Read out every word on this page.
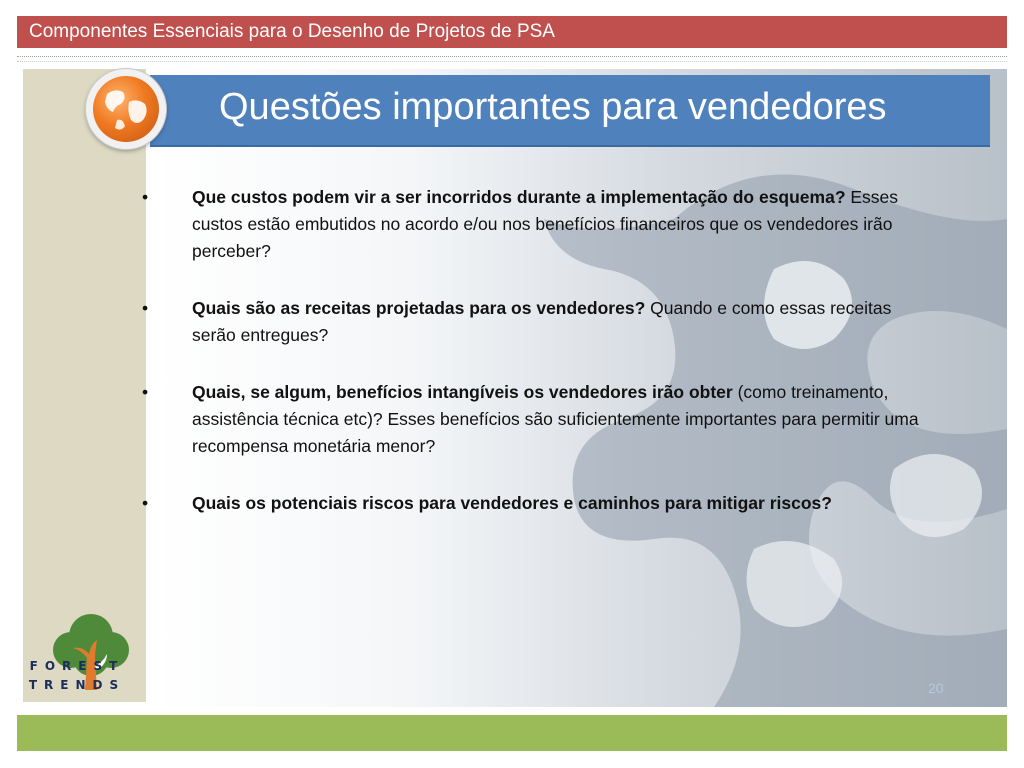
Componentes Essenciais para o Desenho de Projetos de PSA
FOREST
TRENDS
Questões importantes para vendedores
•	Que custos podem vir a ser incorridos durante a implementação do esquema? Esses custos estão embutidos no acordo e/ou nos benefícios financeiros que os vendedores irão perceber?
•	Quais são as receitas projetadas para os vendedores? Quando e como essas receitas serão entregues?
•	Quais, se algum, benefícios intangíveis os vendedores irão obter (como treinamento, assistência técnica etc)? Esses benefícios são suficientemente importantes para permitir uma recompensa monetária menor?
•	Quais os potenciais riscos para vendedores e caminhos para mitigar riscos?
20
